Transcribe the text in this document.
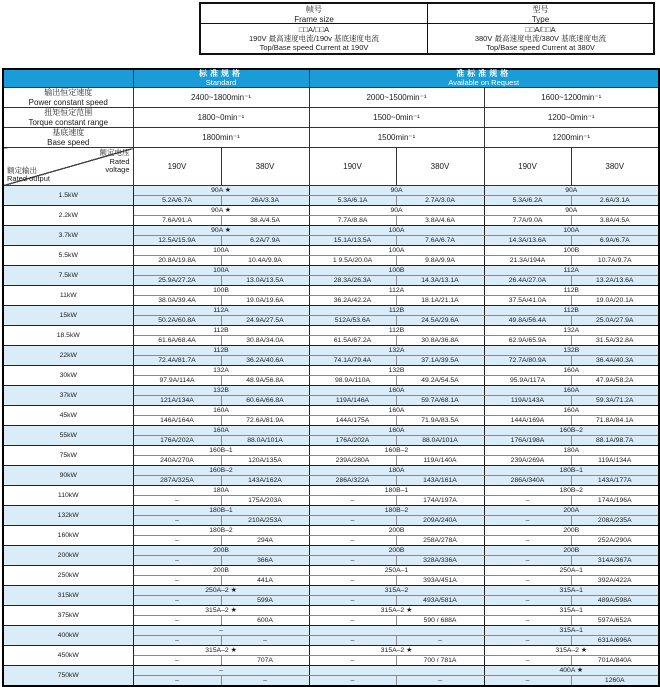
帧号
Frame size
□□A/□□A
190V 最高速度电流/190v 基底速度电流
Top/Base speed Current at 190V
型号
Type
□□A/□□A
380V 最高速度电流/380V 基底速度电流
Top/Base speed Current at 380V

标准规格
Standard

准标准规格
Available on Request

输出恒定速度
Power constant speed	2400~1800min⁻¹		2000~1500min⁻¹		1600~1200min⁻¹	

扭矩恒定范围
Torque constant range	1800~0min⁻¹		1500~0min⁻¹		1200~0min⁻¹	

基底速度
Base speed	1800min⁻¹		1500min⁻¹		1200min⁻¹	

额定电压
Rated voltage
额定输出
Rated output	190V	380V	190V	380V	190V	380V
1.5kW	90A ★		90A		90A	
	5.2A/6.7A	26A/3.3A	5.3A/6.1A	2.7A/3.0A	5.3A/6.2A	2.6A/3.1A
2.2kW	90A ★		90A		90A	
	7.6A/91.A	38.A/4.5A	7.7A/8.8A	3.8A/4.6A	7.7A/9.0A	3.8A/4.5A
3.7kW	90A ★		100A		100A	
	12.5A/15.9A	6.2A/7.9A	15.1A/13.5A	7.6A/6.7A	14.3A/13.6A	6.9A/6.7A
5.5kW	100A		100A		100B	
	20.8A/19.8A	10.4A/9.9A	1 9.5A/20.0A	9.8A/9.9A	21.3A/194A	10.7A/9.7A
7.5kW	100A		100B		112A	
	25.9A/27.2A	13.0A/13.5A	28.3A/26.3A	14.3A/13.1A	26.4A/27.0A	13.2A/13.6A
11kW	100B		112A		112B	
	38.0A/39.4A	19.0A/19.6A	36.2A/42.2A	18.1A/21.1A	37.5A/41.0A	19.0A/20.1A
15kW	112A		112B		112B	
	50.2A/60.8A	24.9A/27.5A	512A/53.6A	24.5A/29.6A	49.8A/56.4A	25.0A/27.9A
18.5kW	112B		112B		132A	
	61.6A/68.4A	30.8A/34.0A	61.5A/67.2A	30.8A/36.8A	62.9A/65.9A	31.5A/32.8A
22kW	112B		132A		132B	
	72.4A/81.7A	36.2A/40.6A	74.1A/79.4A	37.1A/39.5A	72.7A/80.9A	36.4A/40.3A
30kW	132A		132B		160A	
	97.9A/114A	48.9A/56.8A	98.9A/110A	49.2A/54.5A	95.9A/117A	47.9A/58.2A
37kW	132B		160A		160A	
	121A/134A	60.6A/66.8A	119A/146A	59.7A/68.1A	119A/143A	59.3A/71.2A
45kW	160A		160A		160A	
	146A/164A	72.6A/81.9A	144A/175A	71.9A/83.5A	144A/169A	71.8A/84.1A
55kW	160A		160A		160B–2	
	176A/202A	88.0A/101A	176A/202A	88.0A/101A	176A/198A	88.1A/98.7A
75kW	160B–1		160B–2		180A	
	240A/270A	120A/135A	239A/280A	119A/140A	239A/269A	119A/134A
90kW	160B–2		180A		180B–1	
	287A/325A	143A/162A	286A/322A	143A/161A	286A/340A	143A/177A
110kW	180A		180B–1		180B–2	
	–	175A/203A	–	174A/197A	–	174A/196A
132kW	180B–1		180B–2		200A	
	–	210A/253A	–	209A/240A	–	208A/235A
160kW	180B–2		200B		200B	
	–	294A	–	258A/278A	–	252A/290A
200kW	200B		200B		200B	
	–	366A	–	328A/336A	–	314A/367A
250kW	200B		250A–1		250A–1	
	–	441A	–	393A/451A	–	392A/422A
315kW	250A–2 ★		315A–2		315A–1	
	–	599A	–	493A/581A	–	489A/598A
375kW	315A–2 ★		315A–2 ★		315A–1	
	–	600A	–	590 / 688A	–	597A/652A
400kW	–				315A–1	
	–	–	–	–	–	631A/696A
450kW	315A–2 ★		315A–2 ★		315A–2 ★	
	–	707A	–	700 / 781A	–	701A/840A
750kW	–				400A ★	
	–	–	–	–	–	1260A
